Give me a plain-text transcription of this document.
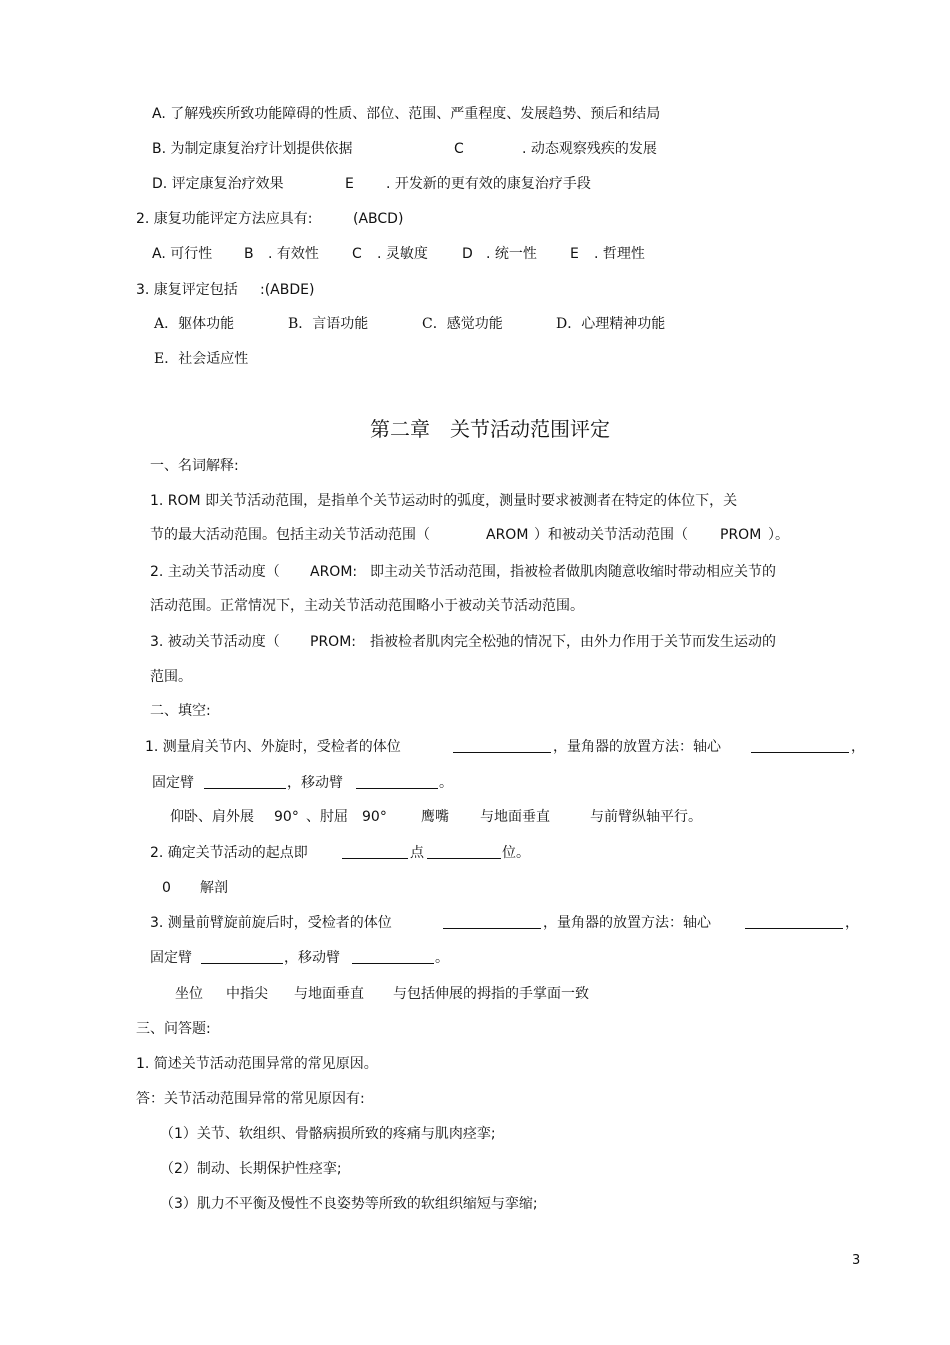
A. 了解残疾所致功能障碍的性质、部位、范围、严重程度、发展趋势、预后和结局
B. 为制定康复治疗计划提供依据	C	. 动态观察残疾的发展
D. 评定康复治疗效果	E . 开发新的更有效的康复治疗手段
2. 康复功能评定方法应具有:	(ABCD)
A. 可行性 B . 有效性 C . 灵敏度 D . 统一性 E . 哲理性
3. 康复评定包括 :(ABDE)
A．躯体功能	B．言语功能	C．感觉功能	D．心理精神功能
E．社会适应性
第二章　关节活动范围评定
一、名词解释:
1. ROM 即关节活动范围，是指单个关节运动时的弧度，测量时要求被测者在特定的体位下，关
节的最大活动范围。包括主动关节活动范围（	AROM ）和被动关节活动范围（ PROM ）。
2. 主动关节活动度（ AROM: 即主动关节活动范围，指被检者做肌肉随意收缩时带动相应关节的
活动范围。正常情况下，主动关节活动范围略小于被动关节活动范围。
3. 被动关节活动度（ PROM: 指被检者肌肉完全松弛的情况下，由外力作用于关节而发生运动的
范围。
二、填空:
1. 测量肩关节内、外旋时，受检者的体位	，量角器的放置方法：轴心	，
固定臂	，移动臂	。
仰卧、肩外展 90° 、肘屈 90° 鹰嘴 与地面垂直	与前臂纵轴平行。
2. 确定关节活动的起点即	点	位。
0 解剖
3. 测量前臂旋前旋后时，受检者的体位	，量角器的放置方法：轴心	，
固定臂	，移动臂	。
坐位 中指尖 与地面垂直 与包括伸展的拇指的手掌面一致
三、问答题:
1. 简述关节活动范围异常的常见原因。
答：关节活动范围异常的常见原因有:
（1）关节、软组织、骨骼病损所致的疼痛与肌肉痉挛;
（2）制动、长期保护性痉挛;
（3）肌力不平衡及慢性不良姿势等所致的软组织缩短与挛缩;
3
